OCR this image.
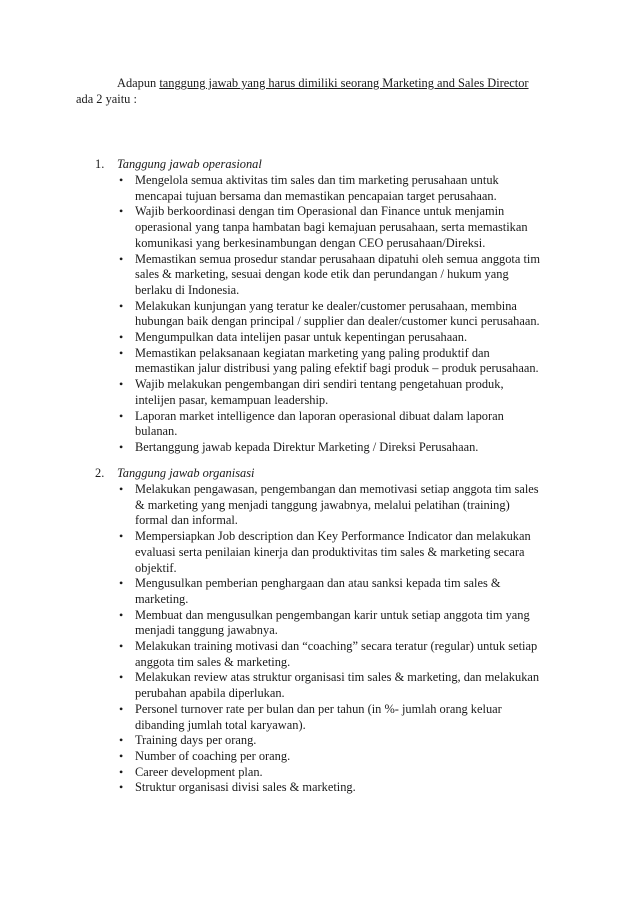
Adapun tanggung jawab yang harus dimiliki seorang Marketing and Sales Director

ada 2 yaitu :

1. Tanggung jawab operasional
• Mengelola semua aktivitas tim sales dan tim marketing perusahaan untuk
mencapai tujuan bersama dan memastikan pencapaian target perusahaan.
• Wajib berkoordinasi dengan tim Operasional dan Finance untuk menjamin
operasional yang tanpa hambatan bagi kemajuan perusahaan, serta memastikan
komunikasi yang berkesinambungan dengan CEO perusahaan/Direksi.
• Memastikan semua prosedur standar perusahaan dipatuhi oleh semua anggota tim
sales & marketing, sesuai dengan kode etik dan perundangan / hukum yang
berlaku di Indonesia.
• Melakukan kunjungan yang teratur ke dealer/customer perusahaan, membina
hubungan baik dengan principal / supplier dan dealer/customer kunci perusahaan.
• Mengumpulkan data intelijen pasar untuk kepentingan perusahaan.
• Memastikan pelaksanaan kegiatan marketing yang paling produktif dan
memastikan jalur distribusi yang paling efektif bagi produk – produk perusahaan.
• Wajib melakukan pengembangan diri sendiri tentang pengetahuan produk,
intelijen pasar, kemampuan leadership.
• Laporan market intelligence dan laporan operasional dibuat dalam laporan
bulanan.
• Bertanggung jawab kepada Direktur Marketing / Direksi Perusahaan.
2. Tanggung jawab organisasi
• Melakukan pengawasan, pengembangan dan memotivasi setiap anggota tim sales
& marketing yang menjadi tanggung jawabnya, melalui pelatihan (training)
formal dan informal.
• Mempersiapkan Job description dan Key Performance Indicator dan melakukan
evaluasi serta penilaian kinerja dan produktivitas tim sales & marketing secara
objektif.
• Mengusulkan pemberian penghargaan dan atau sanksi kepada tim sales &
marketing.
• Membuat dan mengusulkan pengembangan karir untuk setiap anggota tim yang
menjadi tanggung jawabnya.
• Melakukan training motivasi dan “coaching” secara teratur (regular) untuk setiap
anggota tim sales & marketing.
• Melakukan review atas struktur organisasi tim sales & marketing, dan melakukan
perubahan apabila diperlukan.
• Personel turnover rate per bulan dan per tahun (in %- jumlah orang keluar
dibanding jumlah total karyawan).
• Training days per orang.
• Number of coaching per orang.
• Career development plan.
• Struktur organisasi divisi sales & marketing.
